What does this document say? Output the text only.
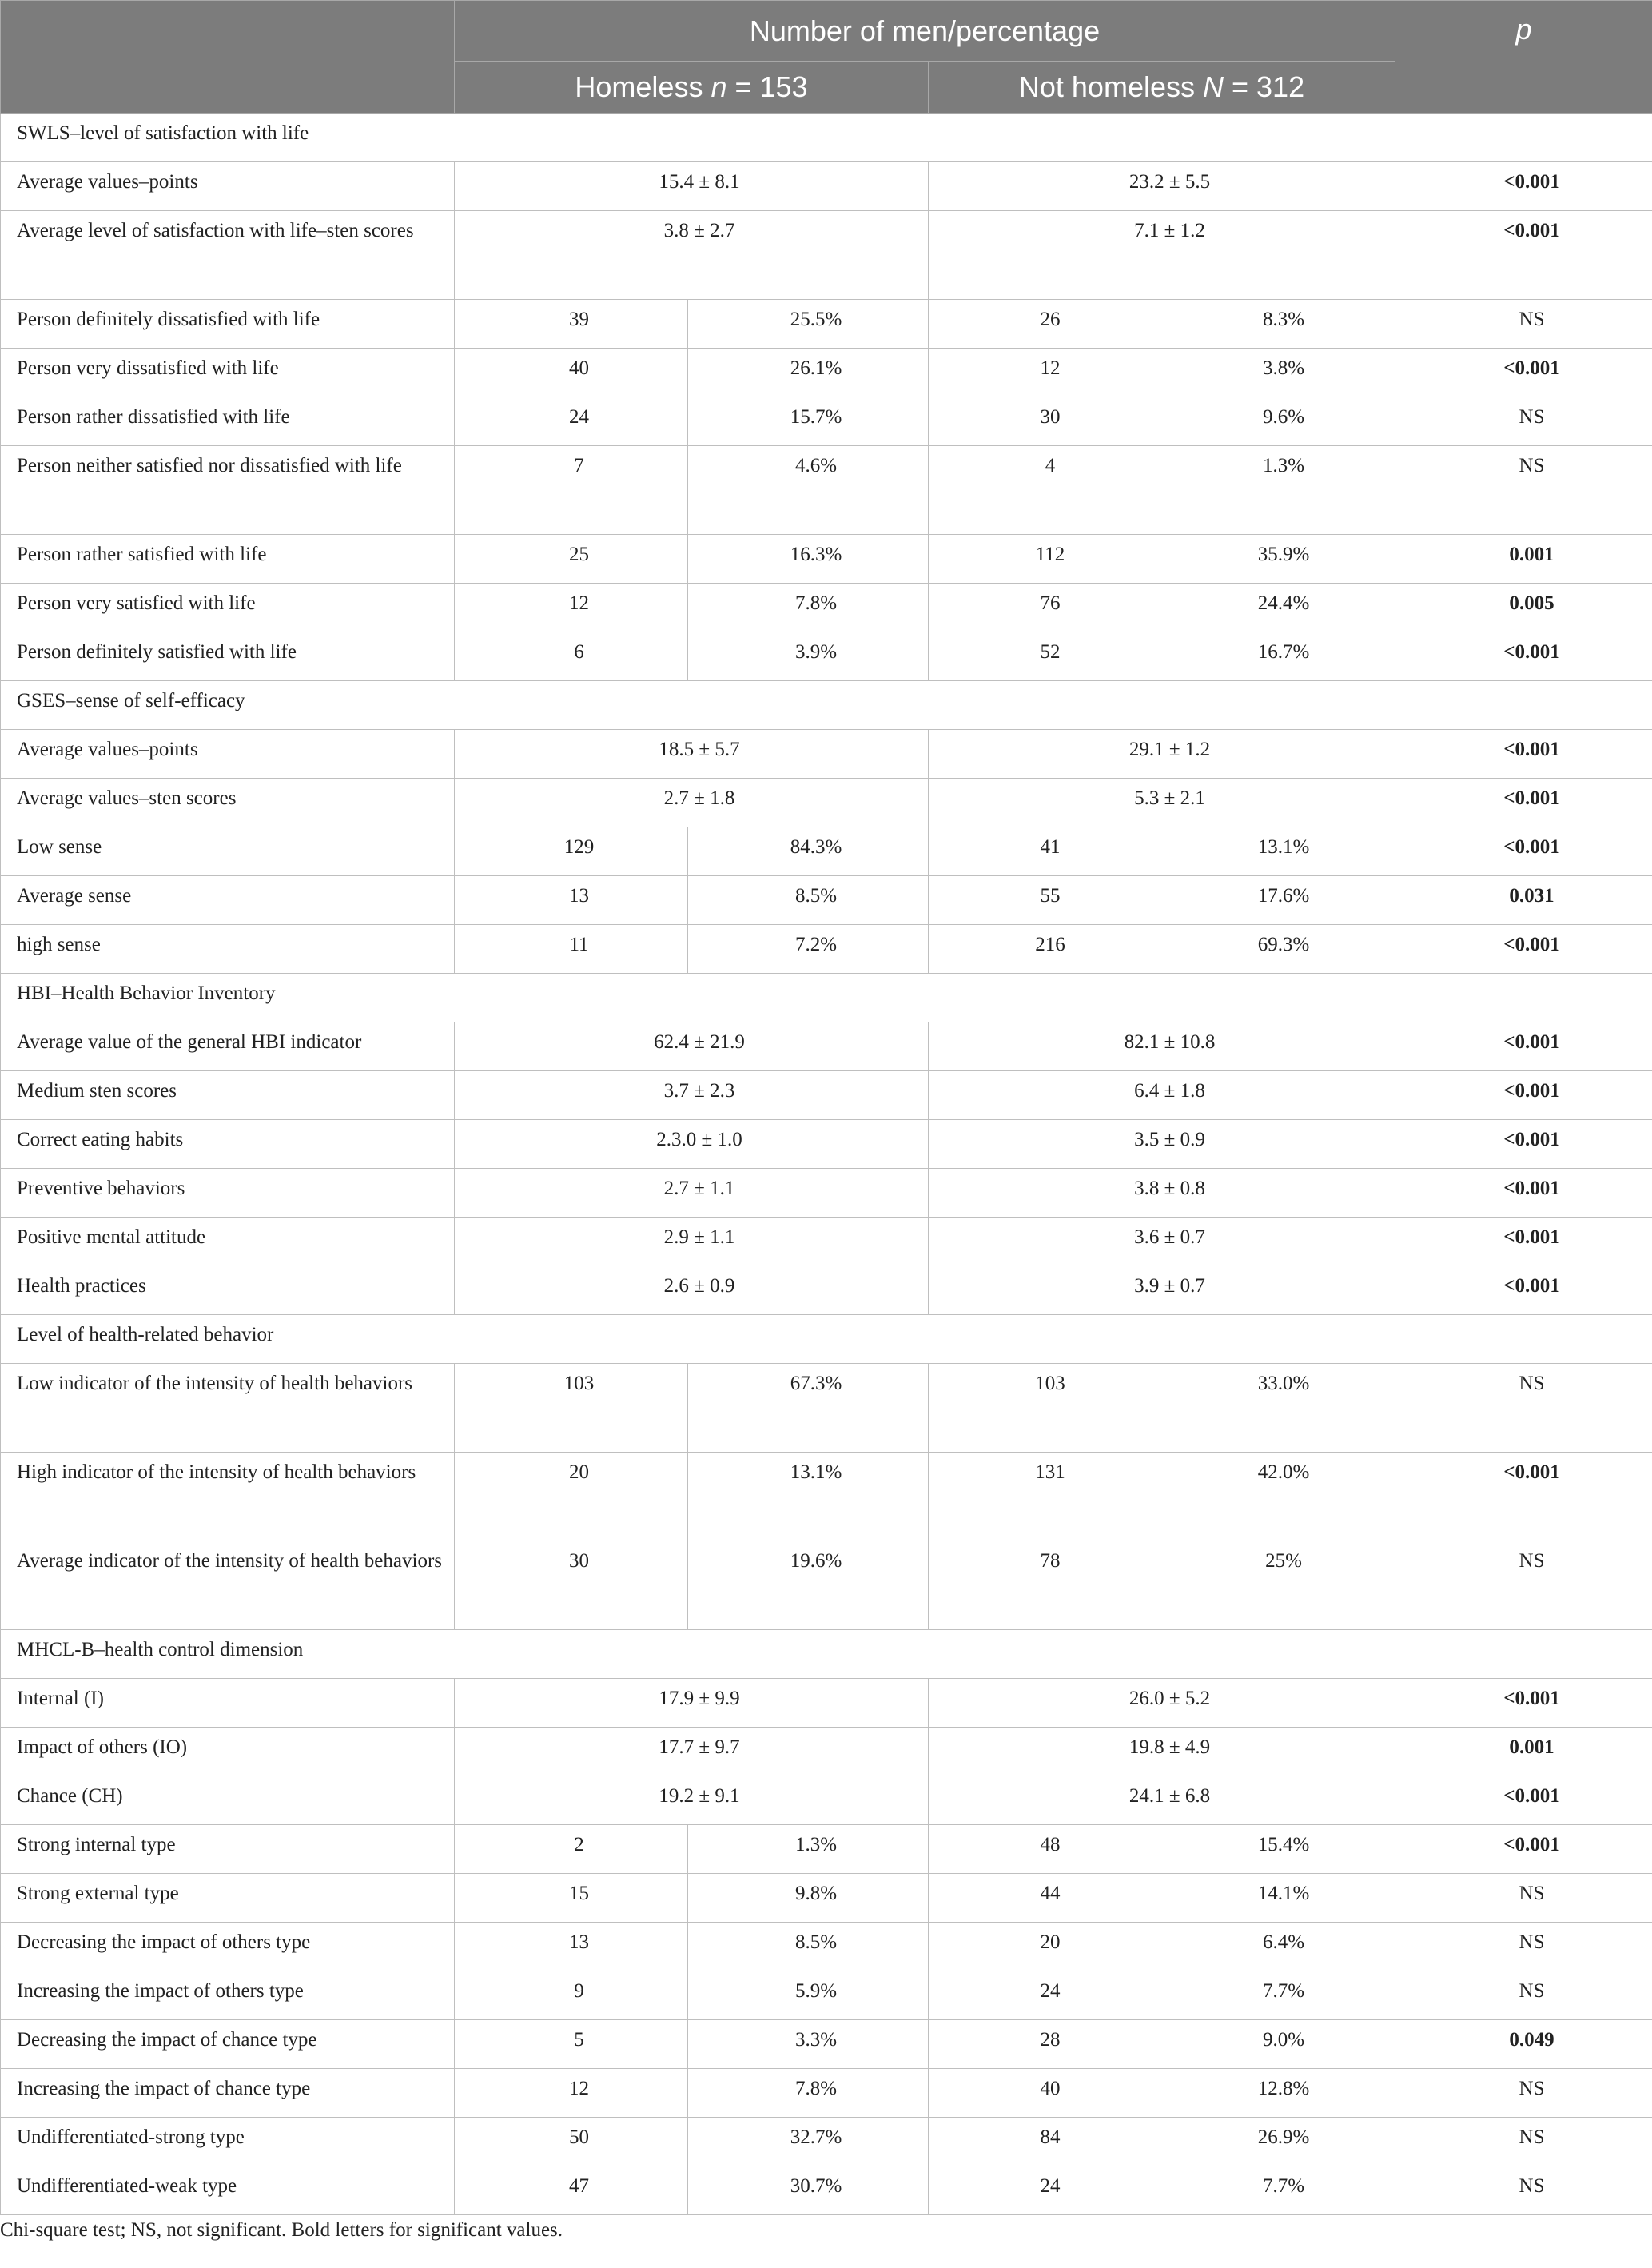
	Number of men/percentage				p
	Homeless n = 153		Not homeless N = 312		
SWLS–level of satisfaction with life					
Average values–points	15.4 ± 8.1		23.2 ± 5.5		<0.001
Average level of satisfaction with life–sten scores	3.8 ± 2.7		7.1 ± 1.2		<0.001
Person definitely dissatisfied with life	39	25.5%	26	8.3%	NS
Person very dissatisfied with life	40	26.1%	12	3.8%	<0.001
Person rather dissatisfied with life	24	15.7%	30	9.6%	NS
Person neither satisfied nor dissatisfied with life	7	4.6%	4	1.3%	NS
Person rather satisfied with life	25	16.3%	112	35.9%	0.001
Person very satisfied with life	12	7.8%	76	24.4%	0.005
Person definitely satisfied with life	6	3.9%	52	16.7%	<0.001
GSES–sense of self-efficacy					
Average values–points	18.5 ± 5.7		29.1 ± 1.2		<0.001
Average values–sten scores	2.7 ± 1.8		5.3 ± 2.1		<0.001
Low sense	129	84.3%	41	13.1%	<0.001
Average sense	13	8.5%	55	17.6%	0.031
high sense	11	7.2%	216	69.3%	<0.001
HBI–Health Behavior Inventory					
Average value of the general HBI indicator	62.4 ± 21.9		82.1 ± 10.8		<0.001
Medium sten scores	3.7 ± 2.3		6.4 ± 1.8		<0.001
Correct eating habits	2.3.0 ± 1.0		3.5 ± 0.9		<0.001
Preventive behaviors	2.7 ± 1.1		3.8 ± 0.8		<0.001
Positive mental attitude	2.9 ± 1.1		3.6 ± 0.7		<0.001
Health practices	2.6 ± 0.9		3.9 ± 0.7		<0.001
Level of health-related behavior					
Low indicator of the intensity of health behaviors	103	67.3%	103	33.0%	NS
High indicator of the intensity of health behaviors	20	13.1%	131	42.0%	<0.001
Average indicator of the intensity of health behaviors	30	19.6%	78	25%	NS
MHCL-B–health control dimension					
Internal (I)	17.9 ± 9.9		26.0 ± 5.2		<0.001
Impact of others (IO)	17.7 ± 9.7		19.8 ± 4.9		0.001
Chance (CH)	19.2 ± 9.1		24.1 ± 6.8		<0.001
Strong internal type	2	1.3%	48	15.4%	<0.001
Strong external type	15	9.8%	44	14.1%	NS
Decreasing the impact of others type	13	8.5%	20	6.4%	NS
Increasing the impact of others type	9	5.9%	24	7.7%	NS
Decreasing the impact of chance type	5	3.3%	28	9.0%	0.049
Increasing the impact of chance type	12	7.8%	40	12.8%	NS
Undifferentiated-strong type	50	32.7%	84	26.9%	NS
Undifferentiated-weak type	47	30.7%	24	7.7%	NS
Chi-square test; NS, not significant. Bold letters for significant values.
